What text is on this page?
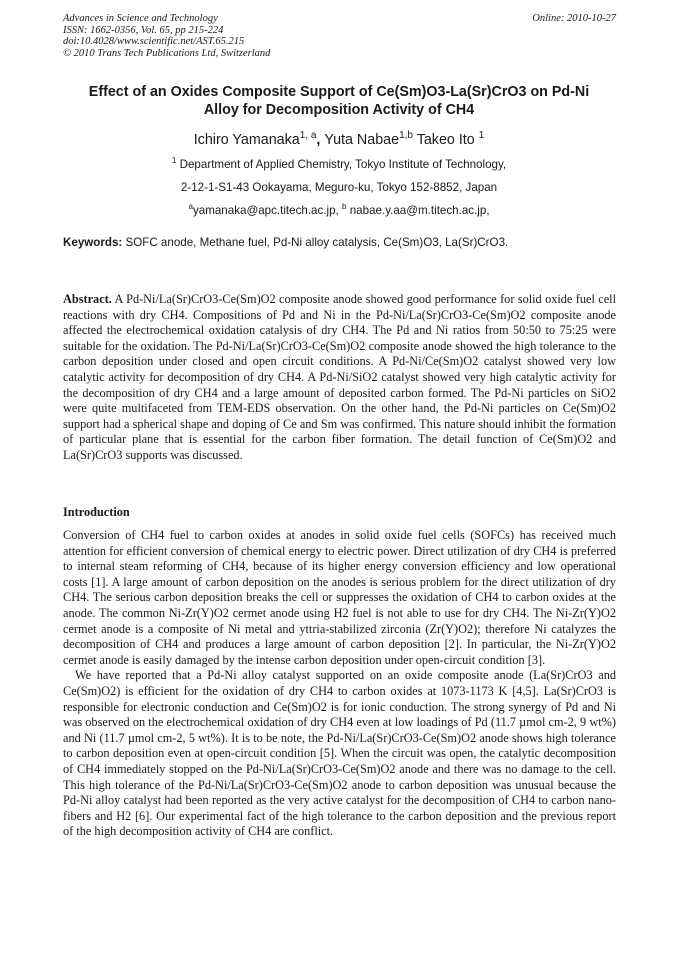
Advances in Science and Technology
ISSN: 1662-0356, Vol. 65, pp 215-224
doi:10.4028/www.scientific.net/AST.65.215
© 2010 Trans Tech Publications Ltd, Switzerland
Online: 2010-10-27
Effect of an Oxides Composite Support of Ce(Sm)O3-La(Sr)CrO3 on Pd-Ni
Alloy for Decomposition Activity of CH4
Ichiro Yamanaka$^{1, a}$, Yuta Nabae$^{1,b}$ Takeo Ito $^1$
$^1$ Department of Applied Chemistry, Tokyo Institute of Technology,
2-12-1-S1-43 Ookayama, Meguro-ku, Tokyo 152-8852, Japan
$^a$yamanaka@apc.titech.ac.jp, $^b$ nabae.y.aa@m.titech.ac.jp,
Keywords: SOFC anode, Methane fuel, Pd-Ni alloy catalysis, Ce(Sm)O3, La(Sr)CrO3.
Abstract. A Pd-Ni/La(Sr)CrO3-Ce(Sm)O2 composite anode showed good performance for solid oxide fuel cell reactions with dry CH4. Compositions of Pd and Ni in the Pd-Ni/La(Sr)CrO3-Ce(Sm)O2 composite anode affected the electrochemical oxidation catalysis of dry CH4. The Pd and Ni ratios from 50:50 to 75:25 were suitable for the oxidation. The Pd-Ni/La(Sr)CrO3-Ce(Sm)O2 composite anode showed the high tolerance to the carbon deposition under closed and open circuit conditions. A Pd-Ni/Ce(Sm)O2 catalyst showed very low catalytic activity for decomposition of dry CH4. A Pd-Ni/SiO2 catalyst showed very high catalytic activity for the decomposition of dry CH4 and a large amount of deposited carbon formed. The Pd-Ni particles on SiO2 were quite multifaceted from TEM-EDS observation. On the other hand, the Pd-Ni particles on Ce(Sm)O2 support had a spherical shape and doping of Ce and Sm was confirmed. This nature should inhibit the formation of particular plane that is essential for the carbon fiber formation. The detail function of Ce(Sm)O2 and La(Sr)CrO3 supports was discussed.
Introduction
Conversion of CH4 fuel to carbon oxides at anodes in solid oxide fuel cells (SOFCs) has received much attention for efficient conversion of chemical energy to electric power. Direct utilization of dry CH4 is preferred to internal steam reforming of CH4, because of its higher energy conversion efficiency and low operational costs [1]. A large amount of carbon deposition on the anodes is serious problem for the direct utilization of dry CH4. The serious carbon deposition breaks the cell or suppresses the oxidation of CH4 to carbon oxides at the anode. The common Ni-Zr(Y)O2 cermet anode using H2 fuel is not able to use for dry CH4. The Ni-Zr(Y)O2 cermet anode is a composite of Ni metal and yttria-stabilized zirconia (Zr(Y)O2); therefore Ni catalyzes the decomposition of CH4 and produces a large amount of carbon deposition [2]. In particular, the Ni-Zr(Y)O2 cermet anode is easily damaged by the intense carbon deposition under open-circuit condition [3].
We have reported that a Pd-Ni alloy catalyst supported on an oxide composite anode (La(Sr)CrO3 and Ce(Sm)O2) is efficient for the oxidation of dry CH4 to carbon oxides at 1073-1173 K [4,5]. La(Sr)CrO3 is responsible for electronic conduction and Ce(Sm)O2 is for ionic conduction. The strong synergy of Pd and Ni was observed on the electrochemical oxidation of dry CH4 even at low loadings of Pd (11.7 µmol cm-2, 9 wt%) and Ni (11.7 µmol cm-2, 5 wt%). It is to be note, the Pd-Ni/La(Sr)CrO3-Ce(Sm)O2 anode shows high tolerance to carbon deposition even at open-circuit condition [5]. When the circuit was open, the catalytic decomposition of CH4 immediately stopped on the Pd-Ni/La(Sr)CrO3-Ce(Sm)O2 anode and there was no damage to the cell. This high tolerance of the Pd-Ni/La(Sr)CrO3-Ce(Sm)O2 anode to carbon deposition was unusual because the Pd-Ni alloy catalyst had been reported as the very active catalyst for the decomposition of CH4 to carbon nano-fibers and H2 [6]. Our experimental fact of the high tolerance to the carbon deposition and the previous report of the high decomposition activity of CH4 are conflict.
